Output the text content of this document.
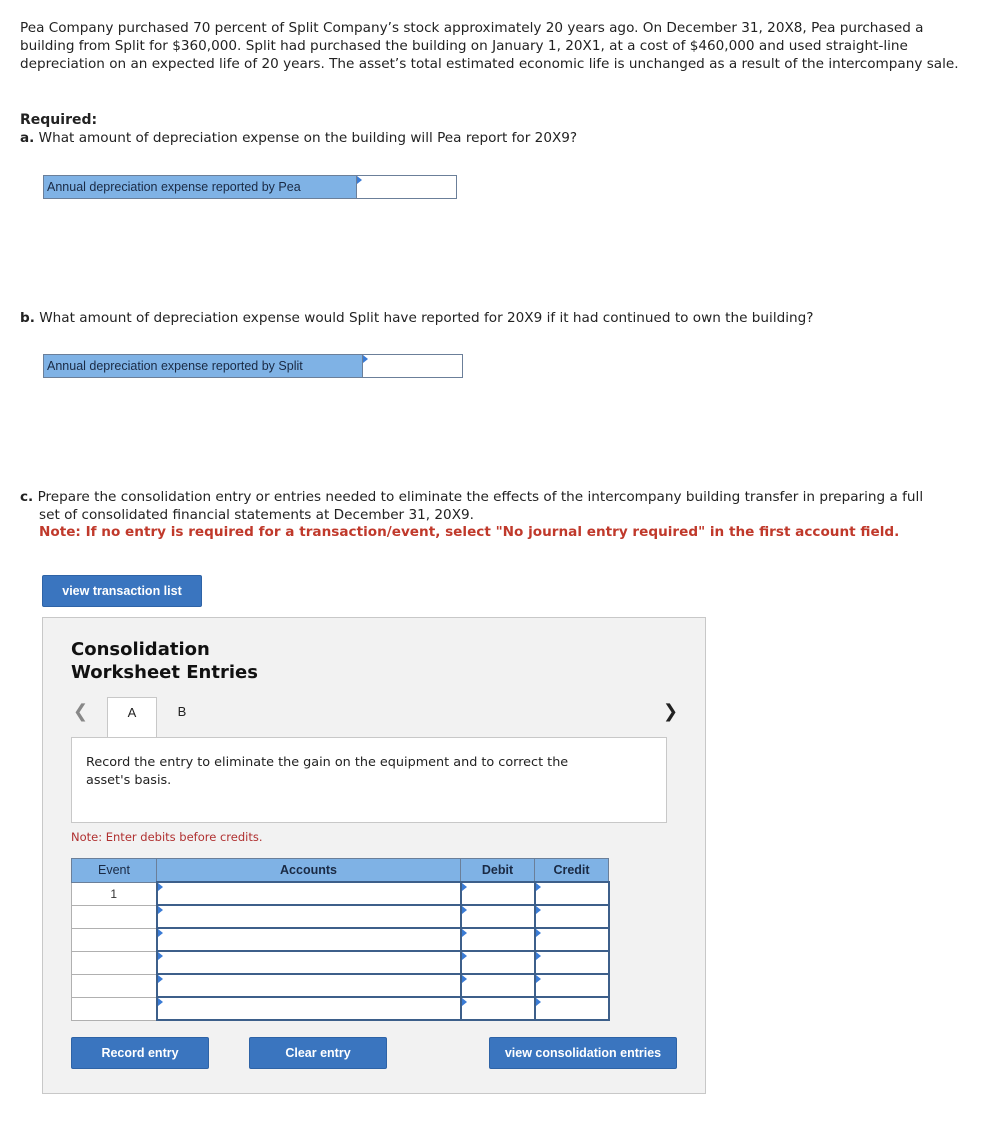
Pea Company purchased 70 percent of Split Company’s stock approximately 20 years ago. On December 31, 20X8, Pea purchased a building from Split for $360,000. Split had purchased the building on January 1, 20X1, at a cost of $460,000 and used straight-line depreciation on an expected life of 20 years. The asset’s total estimated economic life is unchanged as a result of the intercompany sale.

Required:
a. What amount of depreciation expense on the building will Pea report for 20X9?
Annual depreciation expense reported by Pea
b. What amount of depreciation expense would Split have reported for 20X9 if it had continued to own the building?
Annual depreciation expense reported by Split
c. Prepare the consolidation entry or entries needed to eliminate the effects of the intercompany building transfer in preparing a full
set of consolidated financial statements at December 31, 20X9.
Note: If no entry is required for a transaction/event, select "No journal entry required" in the first account field.
view transaction list
Consolidation Worksheet Entries
❮	A	B	❯
Record the entry to eliminate the gain on the equipment and to correct the asset's basis.
Note: Enter debits before credits.
Event	Accounts	Debit	Credit
1	

Record entry	Clear entry	view consolidation entries
